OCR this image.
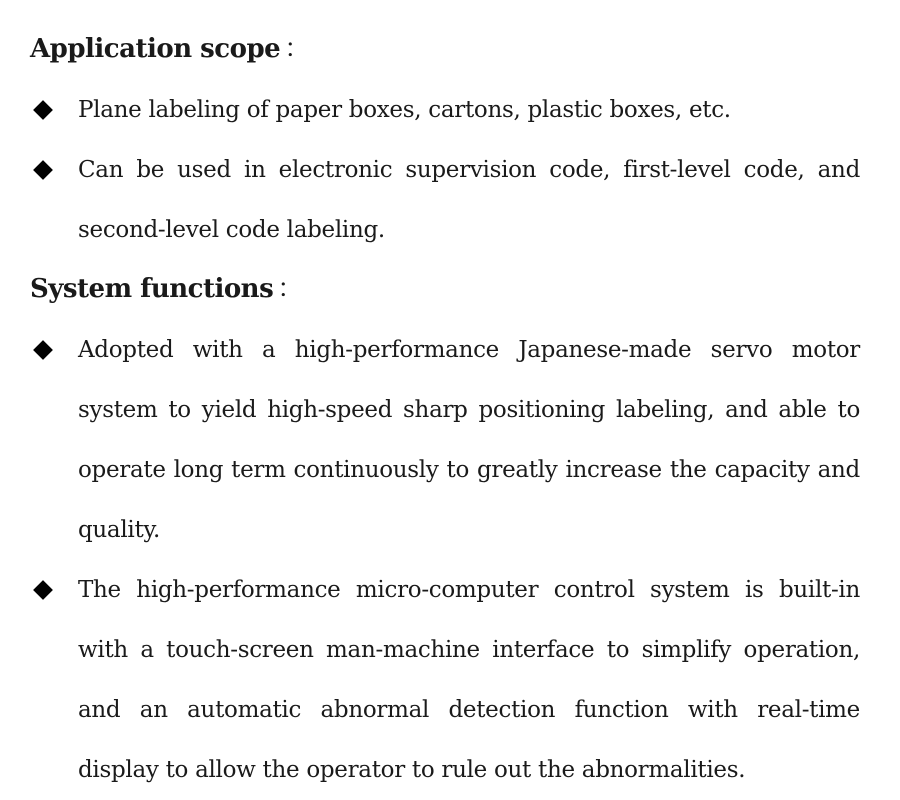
Application scope ：
Plane labeling of paper boxes, cartons, plastic boxes, etc.
Can be used in electronic supervision code, first-level code, and second-level code labeling.
System functions ：
Adopted with a high-performance Japanese-made servo motor system to yield high-speed sharp positioning labeling, and able to operate long term continuously to greatly increase the capacity and quality.
The high-performance micro-computer control system is built-in with a touch-screen man-machine interface to simplify operation, and an automatic abnormal detection function with real-time display to allow the operator to rule out the abnormalities.
